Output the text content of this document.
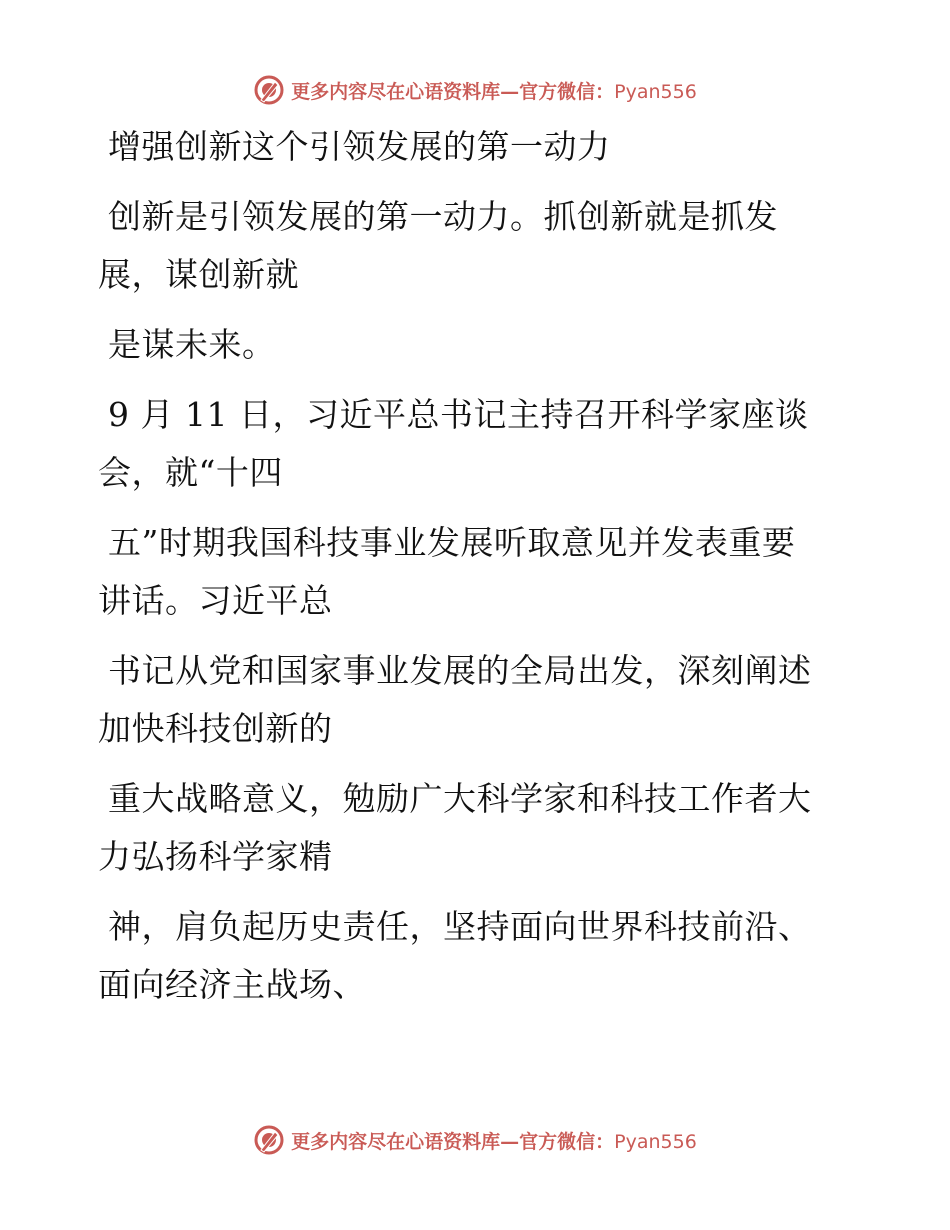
更多内容尽在心语资料库—官方微信：Pyan556
增强创新这个引领发展的第一动力
创新是引领发展的第一动力。抓创新就是抓发
展，谋创新就
是谋未来。
9 月 11 日，习近平总书记主持召开科学家座谈
会，就“十四
五”时期我国科技事业发展听取意见并发表重要
讲话。习近平总
书记从党和国家事业发展的全局出发，深刻阐述
加快科技创新的
重大战略意义，勉励广大科学家和科技工作者大
力弘扬科学家精
神，肩负起历史责任，坚持面向世界科技前沿、
面向经济主战场、
更多内容尽在心语资料库—官方微信：Pyan556
